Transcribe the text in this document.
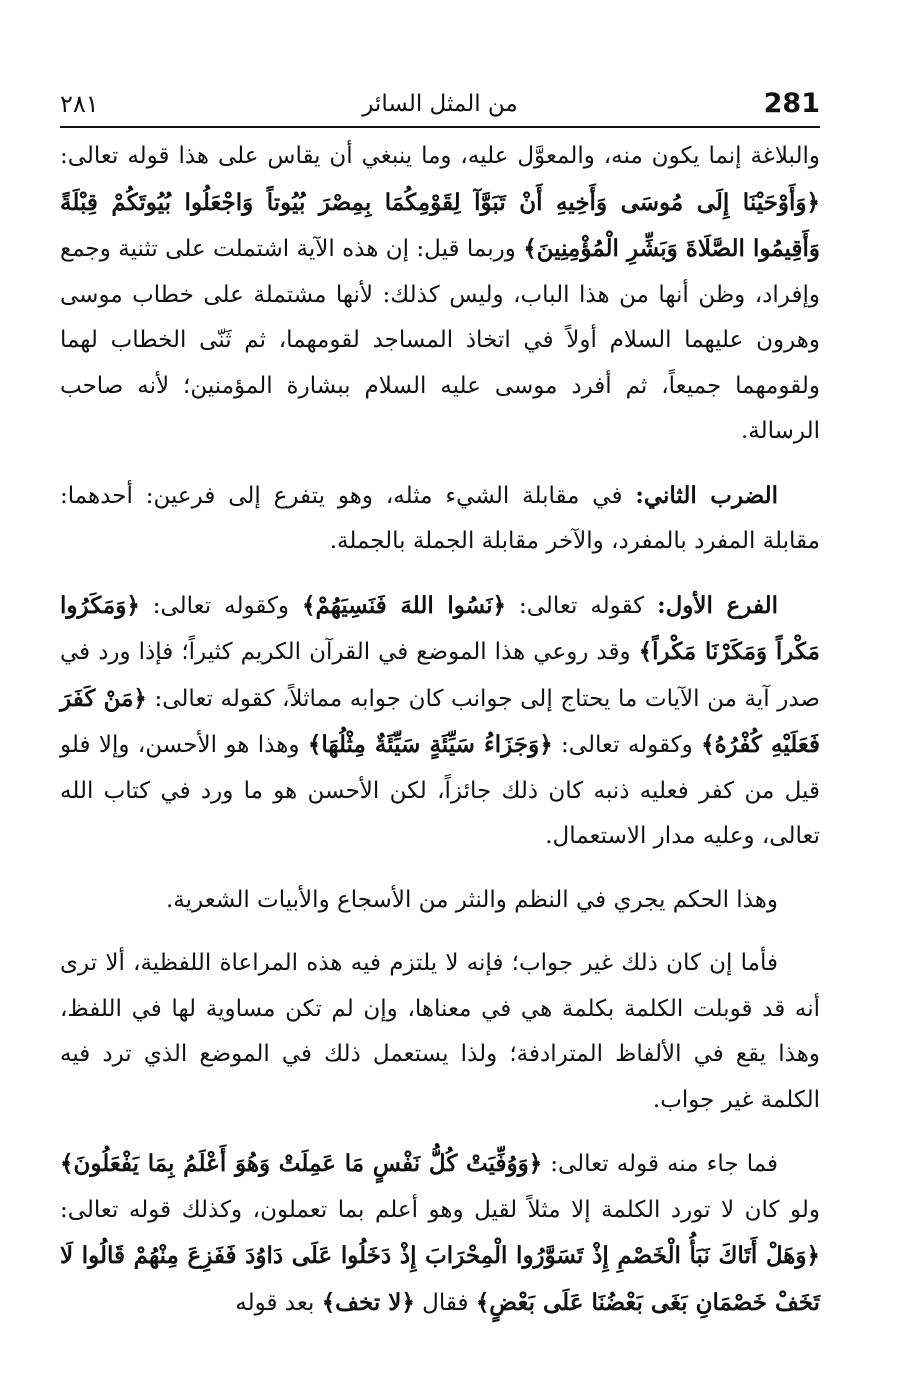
281
من المثل السائر
٢٨١

والبلاغة إنما يكون منه، والمعوَّل عليه، وما ينبغي أن يقاس على هذا قوله تعالى: ﴿وَأَوْحَيْنَا إِلَى مُوسَى وَأَخِيهِ أَنْ تَبَوَّآ لِقَوْمِكُمَا بِمِصْرَ بُيُوتاً وَاجْعَلُوا بُيُوتَكُمْ قِبْلَةً وَأَقِيمُوا الصَّلَاةَ وَبَشِّرِ الْمُؤْمِنِينَ﴾ وربما قيل: إن هذه الآية اشتملت على تثنية وجمع وإفراد، وظن أنها من هذا الباب، وليس كذلك: لأنها مشتملة على خطاب موسى وهرون عليهما السلام أولاً في اتخاذ المساجد لقومهما، ثم ثَنّى الخطاب لهما ولقومهما جميعاً، ثم أفرد موسى عليه السلام ببشارة المؤمنين؛ لأنه صاحب الرسالة.

الضرب الثاني: في مقابلة الشيء مثله، وهو يتفرع إلى فرعين: أحدهما: مقابلة المفرد بالمفرد، والآخر مقابلة الجملة بالجملة.

الفرع الأول: كقوله تعالى: ﴿نَسُوا اللهَ فَنَسِيَهُمْ﴾ وكقوله تعالى: ﴿وَمَكَرُوا مَكْراً وَمَكَرْنَا مَكْراً﴾ وقد روعي هذا الموضع في القرآن الكريم كثيراً؛ فإذا ورد في صدر آية من الآيات ما يحتاج إلى جوانب كان جوابه مماثلاً، كقوله تعالى: ﴿مَنْ كَفَرَ فَعَلَيْهِ كُفْرُهُ﴾ وكقوله تعالى: ﴿وَجَزَاءُ سَيِّئَةٍ سَيِّئَةٌ مِثْلُهَا﴾ وهذا هو الأحسن، وإلا فلو قيل من كفر فعليه ذنبه كان ذلك جائزاً، لكن الأحسن هو ما ورد في كتاب الله تعالى، وعليه مدار الاستعمال.

وهذا الحكم يجري في النظم والنثر من الأسجاع والأبيات الشعرية.

فأما إن كان ذلك غير جواب؛ فإنه لا يلتزم فيه هذه المراعاة اللفظية، ألا ترى أنه قد قوبلت الكلمة بكلمة هي في معناها، وإن لم تكن مساوية لها في اللفظ، وهذا يقع في الألفاظ المترادفة؛ ولذا يستعمل ذلك في الموضع الذي ترد فيه الكلمة غير جواب.

فما جاء منه قوله تعالى: ﴿وَوُفِّيَتْ كُلُّ نَفْسٍ مَا عَمِلَتْ وَهُوَ أَعْلَمُ بِمَا يَفْعَلُونَ﴾ ولو كان لا تورد الكلمة إلا مثلاً لقيل وهو أعلم بما تعملون، وكذلك قوله تعالى: ﴿وَهَلْ أَتَاكَ نَبَأُ الْخَصْمِ إِذْ تَسَوَّرُوا الْمِحْرَابَ إِذْ دَخَلُوا عَلَى دَاوُدَ فَفَزِعَ مِنْهُمْ قَالُوا لَا تَخَفْ خَصْمَانِ بَغَى بَعْضُنَا عَلَى بَعْضٍ﴾ فقال ﴿لا تخف﴾ بعد قوله
